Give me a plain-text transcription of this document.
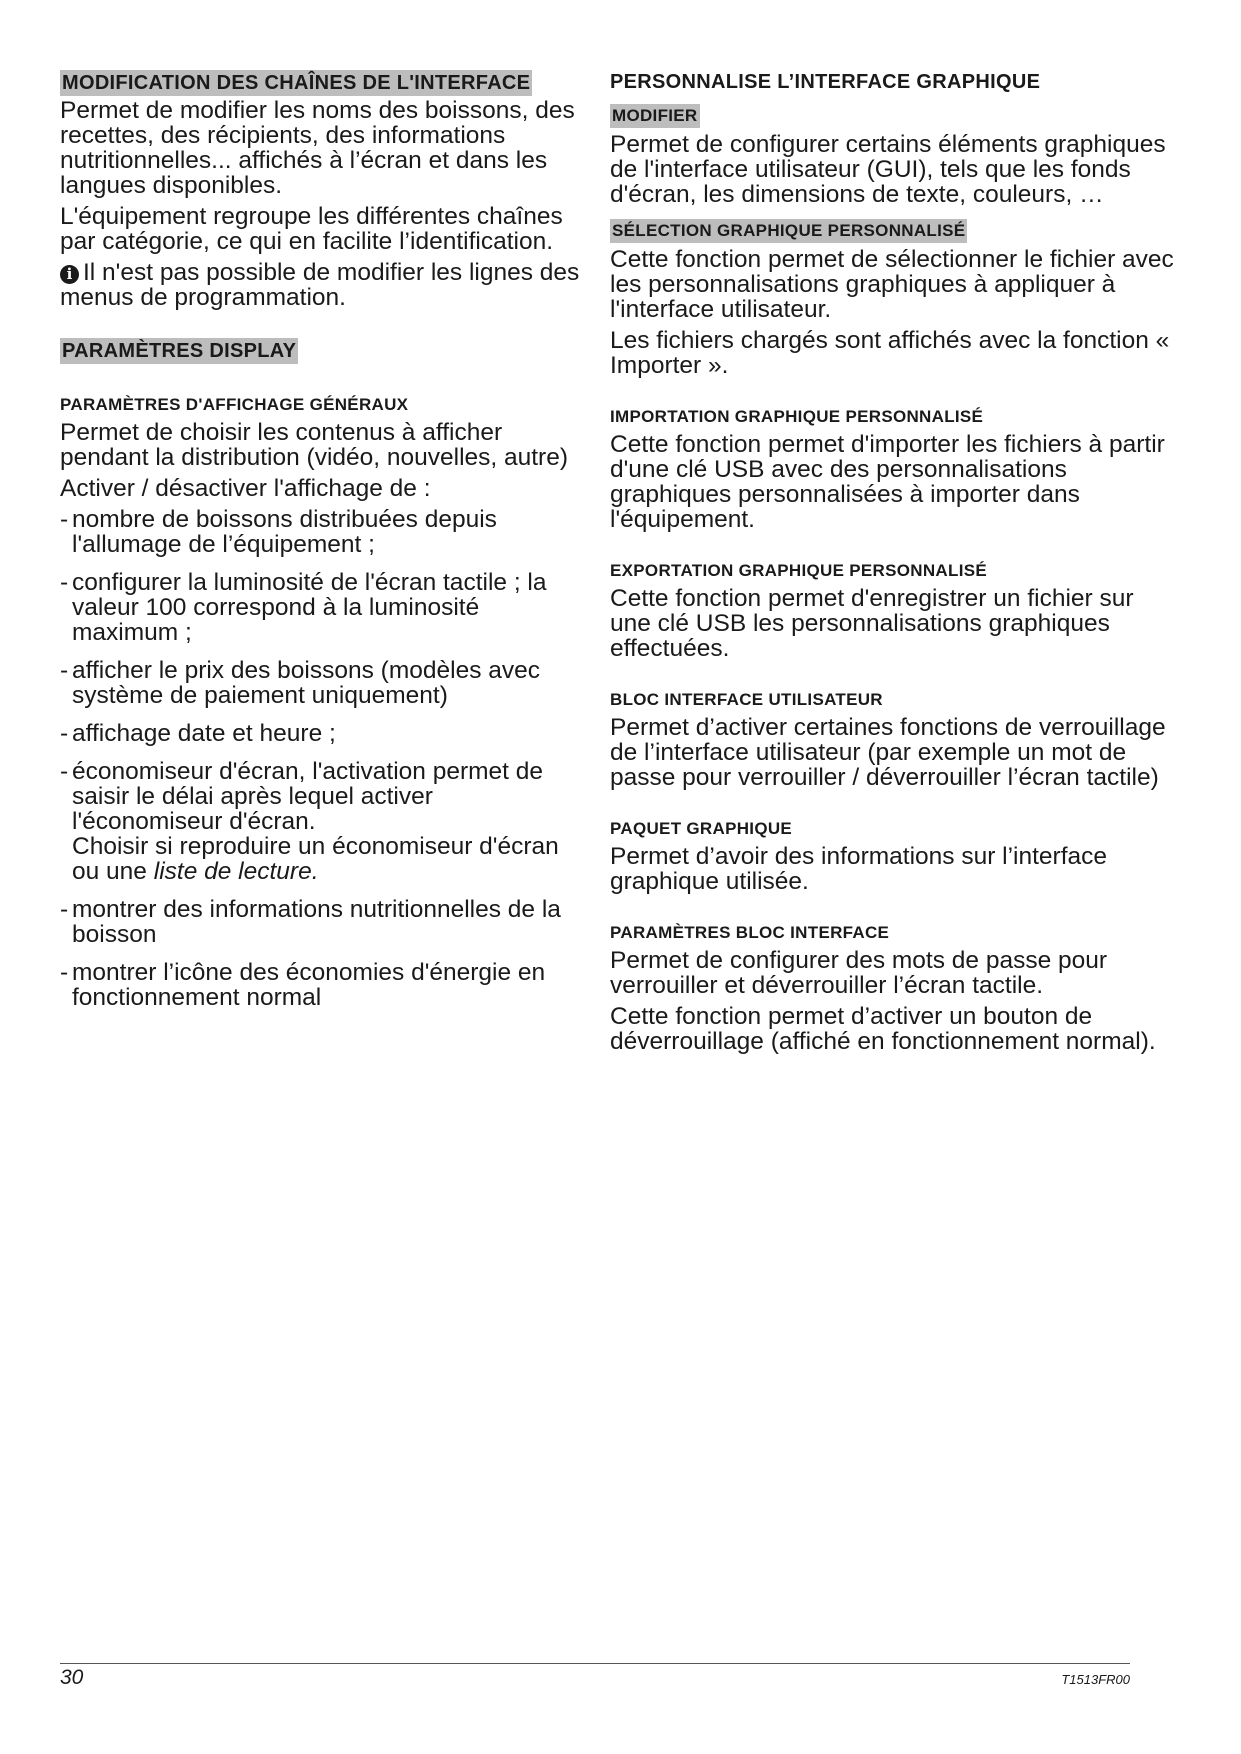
MODIFICATION DES CHAÎNES DE L'INTERFACE

Permet de modifier les noms des boissons, des recettes, des récipients, des informations nutritionnelles... affichés à l’écran et dans les langues disponibles.

L'équipement regroupe les différentes chaînes par catégorie, ce qui en facilite l’identification.

i Il n'est pas possible de modifier les lignes des menus de programmation.

PARAMÈTRES DISPLAY
PARAMÈTRES D'AFFICHAGE GÉNÉRAUX

Permet de choisir les contenus à afficher pendant la distribution (vidéo, nouvelles, autre)

Activer / désactiver l'affichage de :

- nombre de boissons distribuées depuis l'allumage de l’équipement ;
- configurer la luminosité de l'écran tactile ; la valeur 100 correspond à la luminosité maximum ;
- afficher le prix des boissons (modèles avec système de paiement uniquement)
- affichage date et heure ;
- économiseur d'écran, l'activation permet de saisir le délai après lequel activer l'économiseur d'écran.
Choisir si reproduire un économiseur d'écran ou une liste de lecture.
- montrer des informations nutritionnelles de la boisson
- montrer l’icône des économies d'énergie en fonctionnement normal
PERSONNALISE L’INTERFACE GRAPHIQUE
MODIFIER

Permet de configurer certains éléments graphiques de l'interface utilisateur (GUI), tels que les fonds d'écran, les dimensions de texte, couleurs, …

SÉLECTION GRAPHIQUE PERSONNALISÉ

Cette fonction permet de sélectionner le fichier avec les personnalisations graphiques à appliquer à l'interface utilisateur.

Les fichiers chargés sont affichés avec la fonction « Importer ».

IMPORTATION GRAPHIQUE PERSONNALISÉ

Cette fonction permet d'importer les fichiers à partir d'une clé USB avec des personnalisations graphiques personnalisées à importer dans l'équipement.

EXPORTATION GRAPHIQUE PERSONNALISÉ

Cette fonction permet d'enregistrer un fichier sur une clé USB les personnalisations graphiques effectuées.

BLOC INTERFACE UTILISATEUR

Permet d’activer certaines fonctions de verrouillage de l’interface utilisateur (par exemple un mot de passe pour verrouiller / déverrouiller l’écran tactile)

PAQUET GRAPHIQUE

Permet d’avoir des informations sur l’interface graphique utilisée.

PARAMÈTRES BLOC INTERFACE

Permet de configurer des mots de passe pour verrouiller et déverrouiller l’écran tactile.

Cette fonction permet d’activer un bouton de déverrouillage (affiché en fonctionnement normal).

30	T1513FR00
